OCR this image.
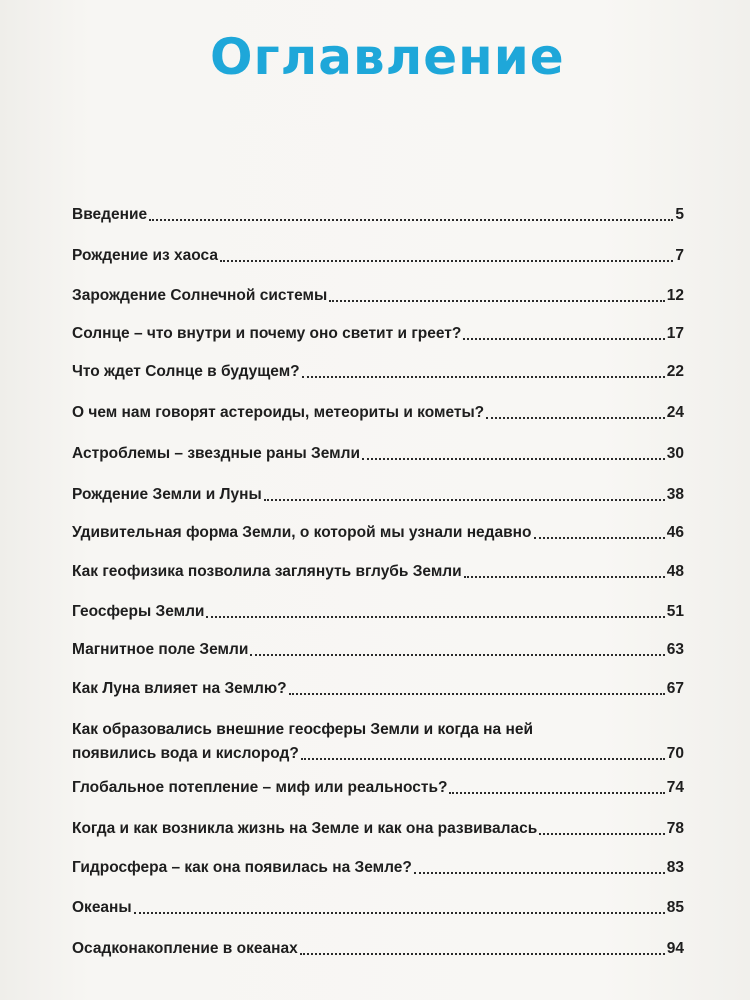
Оглавление
Введение	5
Рождение из хаоса	7
Зарождение Солнечной системы	12
Солнце – что внутри и почему оно светит и греет?	17
Что ждет Солнце в будущем?	22
О чем нам говорят астероиды, метеориты и кометы?	24
Астроблемы – звездные раны Земли	30
Рождение Земли и Луны	38
Удивительная форма Земли, о которой мы узнали недавно	46
Как геофизика позволила заглянуть вглубь Земли	48
Геосферы Земли	51
Магнитное поле Земли	63
Как Луна влияет на Землю?	67
Как образовались внешние геосферы Земли и когда на ней
появились вода и кислород?	70
Глобальное потепление – миф или реальность?	74
Когда и как возникла жизнь на Земле и как она развивалась	78
Гидросфера – как она появилась на Земле?	83
Океаны	85
Осадконакопление в океанах	94
